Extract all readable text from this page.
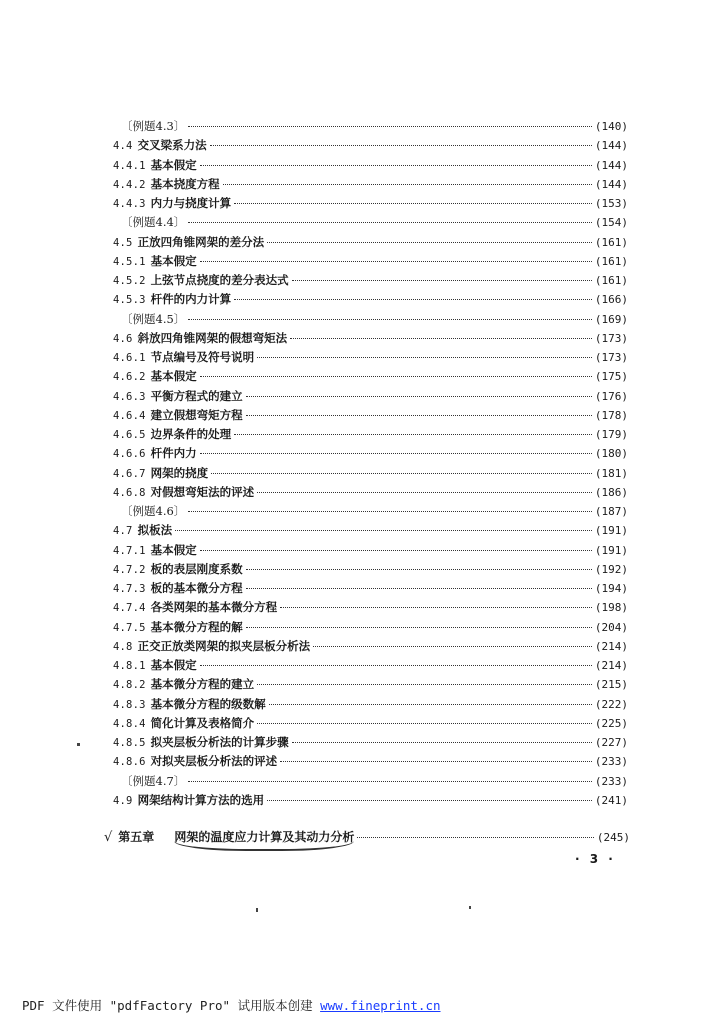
〔例题4.3〕	(140)
4.4 交叉梁系力法	(144)
4.4.1 基本假定	(144)
4.4.2 基本挠度方程	(144)
4.4.3 内力与挠度计算	(153)
〔例题4.4〕	(154)
4.5 正放四角锥网架的差分法	(161)
4.5.1 基本假定	(161)
4.5.2 上弦节点挠度的差分表达式	(161)
4.5.3 杆件的内力计算	(166)
〔例题4.5〕	(169)
4.6 斜放四角锥网架的假想弯矩法	(173)
4.6.1 节点编号及符号说明	(173)
4.6.2 基本假定	(175)
4.6.3 平衡方程式的建立	(176)
4.6.4 建立假想弯矩方程	(178)
4.6.5 边界条件的处理	(179)
4.6.6 杆件内力	(180)
4.6.7 网架的挠度	(181)
4.6.8 对假想弯矩法的评述	(186)
〔例题4.6〕	(187)
4.7 拟板法	(191)
4.7.1 基本假定	(191)
4.7.2 板的表层刚度系数	(192)
4.7.3 板的基本微分方程	(194)
4.7.4 各类网架的基本微分方程	(198)
4.7.5 基本微分方程的解	(204)
4.8 正交正放类网架的拟夹层板分析法	(214)
4.8.1 基本假定	(214)
4.8.2 基本微分方程的建立	(215)
4.8.3 基本微分方程的级数解	(222)
4.8.4 简化计算及表格简介	(225)
4.8.5 拟夹层板分析法的计算步骤	(227)
4.8.6 对拟夹层板分析法的评述	(233)
〔例题4.7〕	(233)
4.9 网架结构计算方法的选用	(241)
√ 第五章 网架的温度应力计算及其动力分析	(245)
· 3 ·
PDF 文件使用 "pdfFactory Pro" 试用版本创建 www.fineprint.cn
